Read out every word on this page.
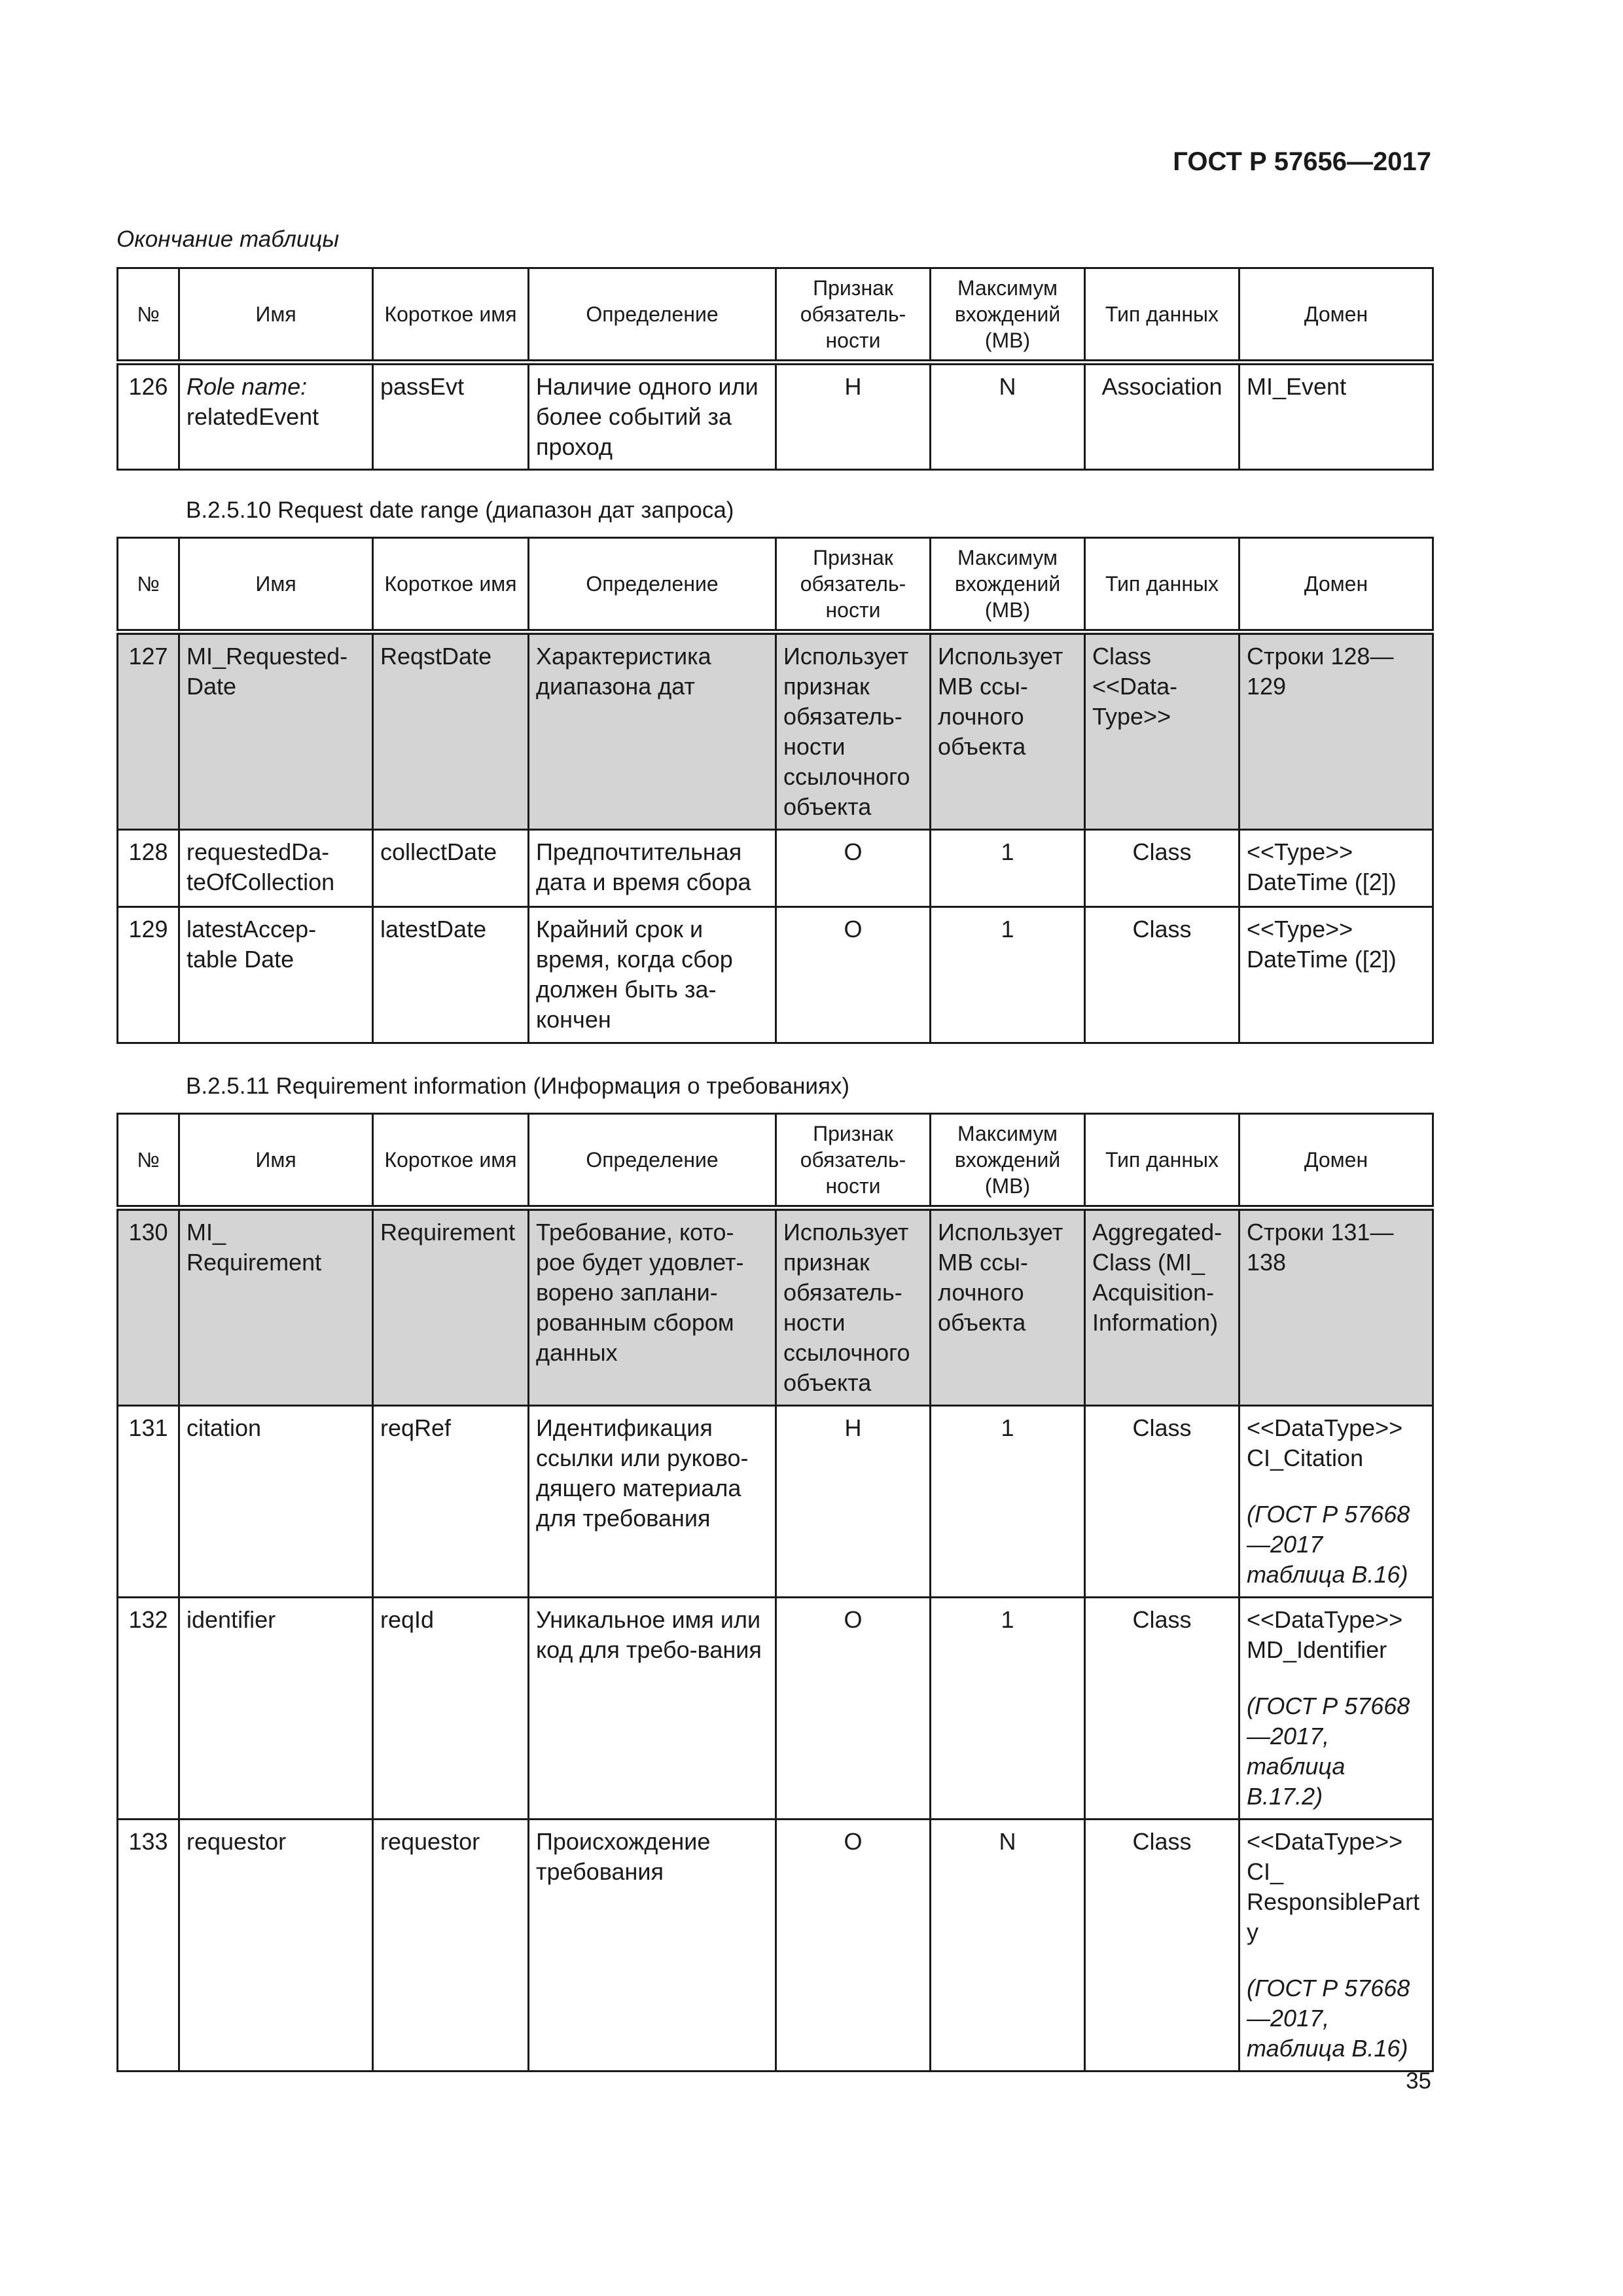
ГОСТ Р 57656—2017
Окончание таблицы
№	Имя	Короткое имя	Определение	Признак
обязатель-
ности	Максимум
вхождений
(МВ)	Тип данных	Домен
126	Role name:
relatedEvent	passEvt	Наличие одного или более событий за проход	Н	N	Association	MI_Event
B.2.5.10 Request date range (диапазон дат запроса)
№	Имя	Короткое имя	Определение	Признак
обязатель-
ности	Максимум
вхождений
(МВ)	Тип данных	Домен
127	MI_Requested-Date	ReqstDate	Характеристика диапазона дат	Использует признак обязатель-ности ссылочного объекта	Использует МВ ссы-лочного объекта	Class <<Data-Type>>	Строки 128—129
128	requestedDa-teOfCollection	collectDate	Предпочтительная дата и время сбора	О	1	Class	<<Type>> DateTime ([2])
129	latestAccep-table Date	latestDate	Крайний срок и время, когда сбор должен быть за-кончен	О	1	Class	<<Type>> DateTime ([2])
B.2.5.11 Requirement information (Информация о требованиях)
№	Имя	Короткое имя	Определение	Признак
обязатель-
ности	Максимум
вхождений
(МВ)	Тип данных	Домен
130	MI_ Requirement	Requirement	Требование, кото-рое будет удовлет-ворено заплани-рованным сбором данных	Использует признак обязатель-ности ссылочного объекта	Использует МВ ссы-лочного объекта	Aggregated-Class (MI_ Acquisition-Information)	Строки 131—138
131	citation	reqRef	Идентификация ссылки или руково-дящего материала для требования	Н	1	Class	<<DataType>> CI_Citation
(ГОСТ Р 57668—2017 таблица B.16)

132	identifier	reqId	Уникальное имя или код для требо-вания	О	1	Class	<<DataType>> MD_Identifier
(ГОСТ Р 57668—2017, таблица B.17.2)

133	requestor	requestor	Происхождение требования	О	N	Class	<<DataType>> CI_ ResponsibleParty
(ГОСТ Р 57668—2017, таблица B.16)
35
